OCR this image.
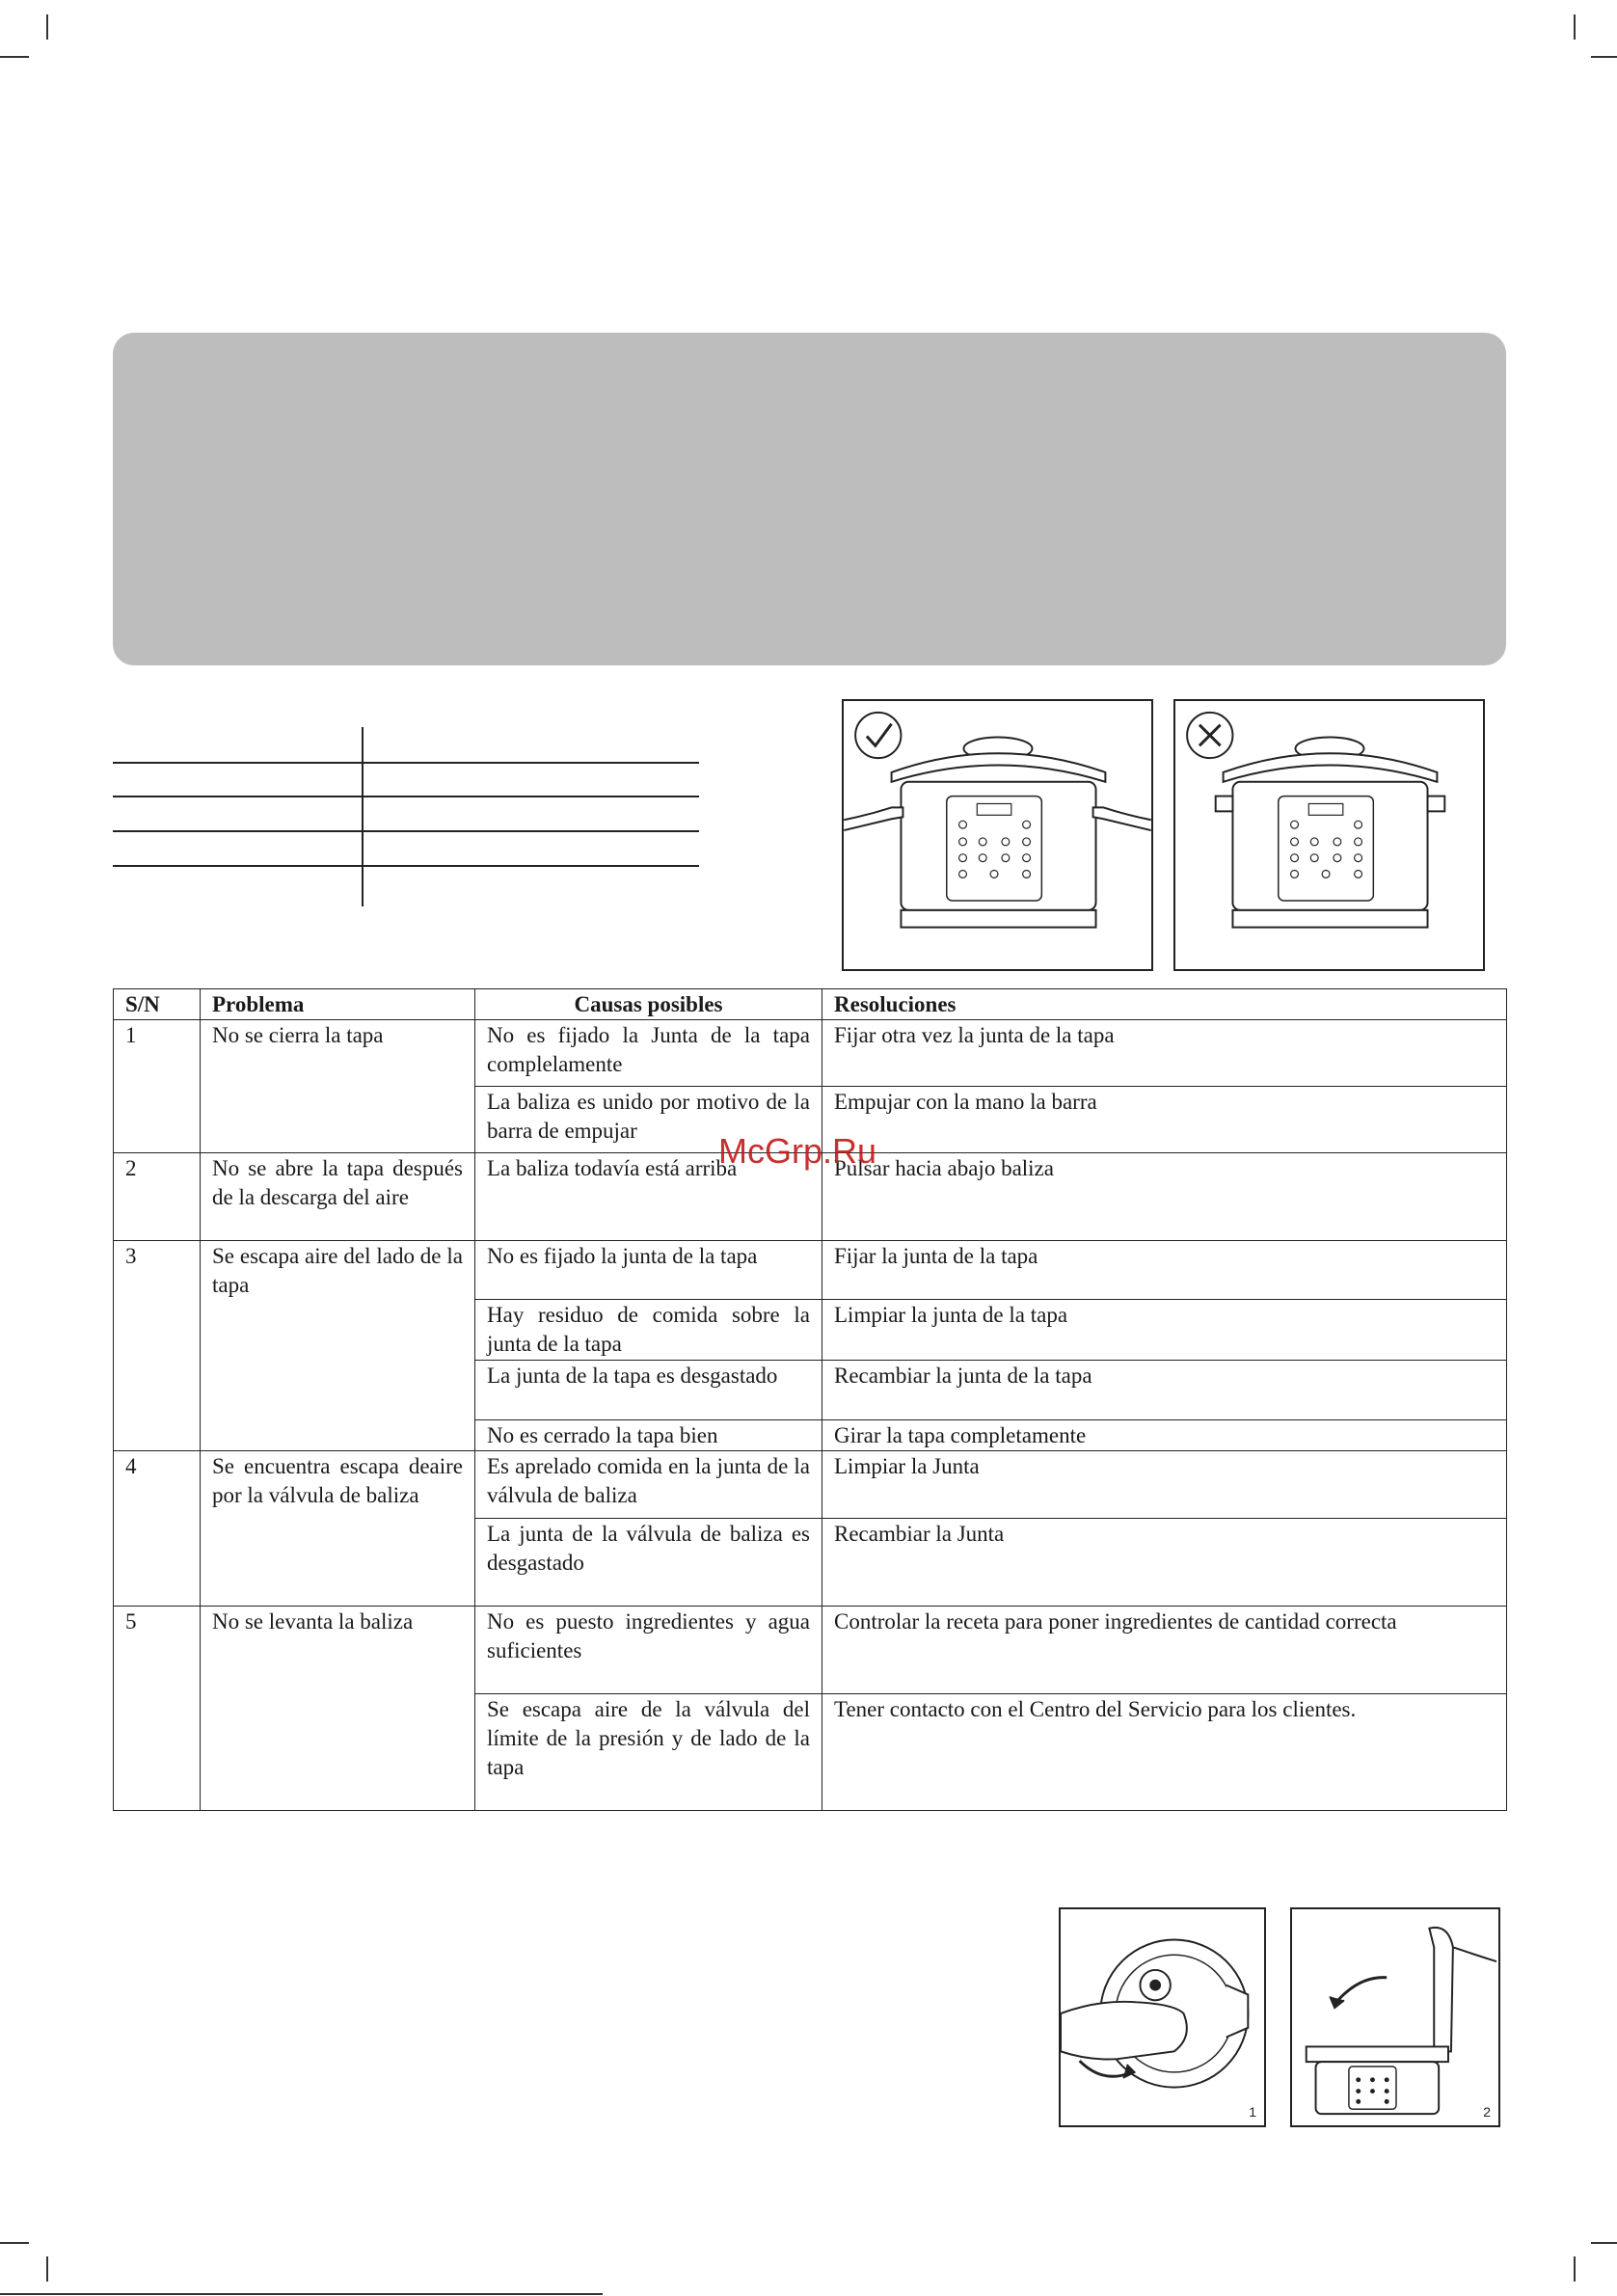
S/N	Problema	Causas posibles	Resoluciones
1	No se cierra la tapa	No es fijado la Junta de la tapa complelamente	Fijar otra vez la junta de la tapa
		La baliza es unido por motivo de la barra de empujar	Empujar con la mano la barra
2	No se abre la tapa después de la descarga del aire	La baliza todavía está arriba	Pulsar hacia abajo baliza
3	Se escapa aire del lado de la tapa	No es fijado la junta de la tapa	Fijar la junta de la tapa
		Hay residuo de comida sobre la junta de la tapa	Limpiar la junta de la tapa
		La junta de la tapa es desgastado	Recambiar la junta de la tapa
		No es cerrado la tapa bien	Girar la tapa completamente
4	Se encuentra escapa deaire por la válvula de baliza	Es aprelado comida en la junta de la válvula de baliza	Limpiar la Junta
		La junta de la válvula de baliza es desgastado	Recambiar la Junta
5	No se levanta la baliza	No es puesto ingredientes y agua suficientes	Controlar la receta para poner ingredientes de cantidad correcta
		Se escapa aire de la válvula del límite de la presión y de lado de la tapa	Tener contacto con el Centro del Servicio para los clientes.
McGrp.Ru
1	2
